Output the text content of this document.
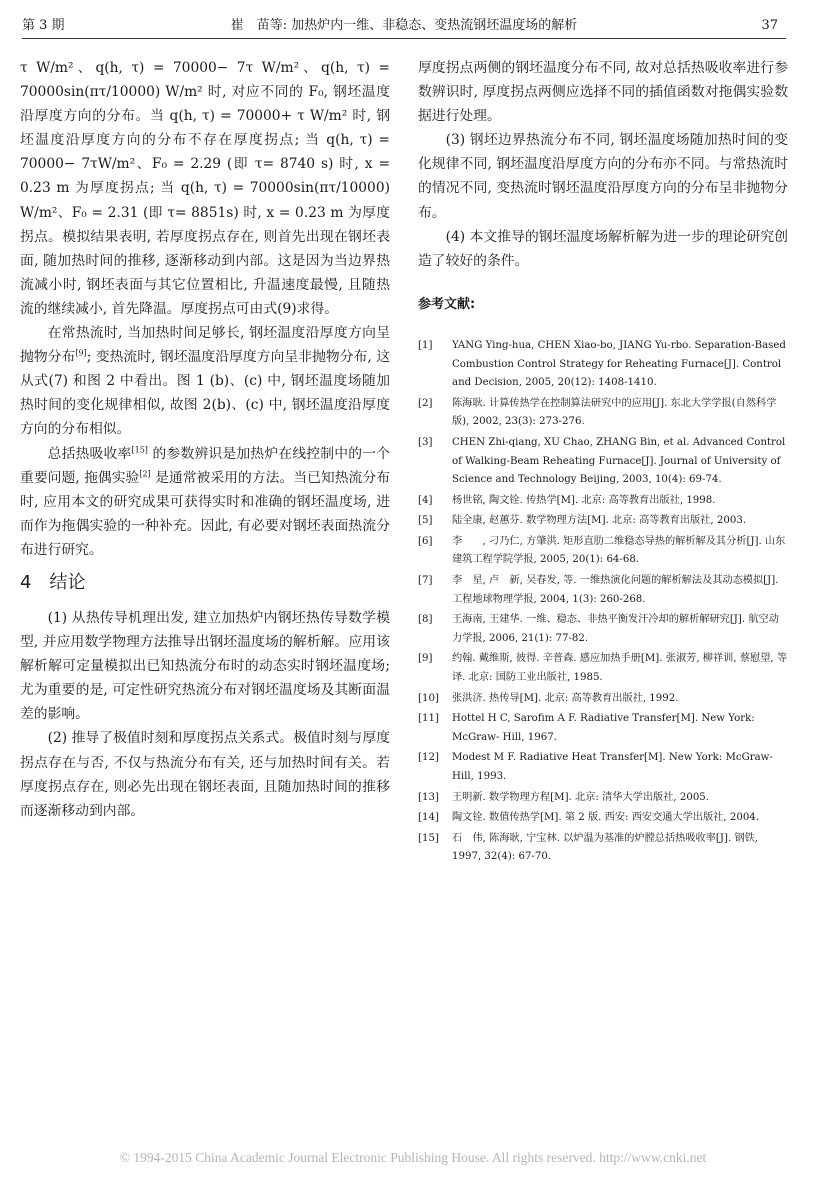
第 3 期	崔　苗等: 加热炉内一维、非稳态、变热流钢坯温度场的解析	37

τ W/m²、q(h, τ) = 70000− 7τ W/m²、q(h, τ) = 70000sin(πτ/10000) W/m² 时, 对应不同的 F₀, 钢坯温度沿厚度方向的分布。当 q(h, τ) = 70000+ τ W/m² 时, 钢坯温度沿厚度方向的分布不存在厚度拐点; 当 q(h, τ) = 70000− 7τW/m²、F₀ = 2.29 (即 τ= 8740 s) 时, x = 0.23 m 为厚度拐点; 当 q(h, τ) = 70000sin(πτ/10000) W/m²、F₀ = 2.31 (即 τ= 8851s) 时, x = 0.23 m 为厚度拐点。模拟结果表明, 若厚度拐点存在, 则首先出现在钢坯表面, 随加热时间的推移, 逐渐移动到内部。这是因为当边界热流减小时, 钢坯表面与其它位置相比, 升温速度最慢, 且随热流的继续减小, 首先降温。厚度拐点可由式(9)求得。

在常热流时, 当加热时间足够长, 钢坯温度沿厚度方向呈抛物分布[9]; 变热流时, 钢坯温度沿厚度方向呈非抛物分布, 这从式(7) 和图 2 中看出。图 1 (b)、(c) 中, 钢坯温度场随加热时间的变化规律相似, 故图 2(b)、(c) 中, 钢坯温度沿厚度方向的分布相似。

总括热吸收率[15] 的参数辨识是加热炉在线控制中的一个重要问题, 拖偶实验[2] 是通常被采用的方法。当已知热流分布时, 应用本文的研究成果可获得实时和准确的钢坯温度场, 进而作为拖偶实验的一种补充。因此, 有必要对钢坯表面热流分布进行研究。

4 结论

(1) 从热传导机理出发, 建立加热炉内钢坯热传导数学模型, 并应用数学物理方法推导出钢坯温度场的解析解。应用该解析解可定量模拟出已知热流分布时的动态实时钢坯温度场; 尤为重要的是, 可定性研究热流分布对钢坯温度场及其断面温差的影响。

(2) 推导了极值时刻和厚度拐点关系式。极值时刻与厚度拐点存在与否, 不仅与热流分布有关, 还与加热时间有关。若厚度拐点存在, 则必先出现在钢坯表面, 且随加热时间的推移而逐渐移动到内部。

厚度拐点两侧的钢坯温度分布不同, 故对总括热吸收率进行参数辨识时, 厚度拐点两侧应选择不同的插值函数对拖偶实验数据进行处理。

(3) 钢坯边界热流分布不同, 钢坯温度场随加热时间的变化规律不同, 钢坯温度沿厚度方向的分布亦不同。与常热流时的情况不同, 变热流时钢坯温度沿厚度方向的分布呈非抛物分布。

(4) 本文推导的钢坯温度场解析解为进一步的理论研究创造了较好的条件。

参考文献:
[1]	YANG Ying-hua, CHEN Xiao-bo, JIANG Yu-rbo. Separation-Based Combustion Control Strategy for Reheating Furnace[J]. Control and Decision, 2005, 20(12): 1408-1410.
[2]	陈海耿. 计算传热学在控制算法研究中的应用[J]. 东北大学学报(自然科学版), 2002, 23(3): 273-276.
[3]	CHEN Zhi-qiang, XU Chao, ZHANG Bin, et al. Advanced Control of Walking-Beam Reheating Furnace[J]. Journal of University of Science and Technology Beijing, 2003, 10(4): 69-74.
[4]	杨世铭, 陶文铨. 传热学[M]. 北京: 高等教育出版社, 1998.
[5]	陆全康, 赵蕙芬. 数学物理方法[M]. 北京: 高等教育出版社, 2003.
[6]	李　　, 刁乃仁, 方肇洪. 矩形直肋二维稳态导热的解析解及其分析[J]. 山东建筑工程学院学报, 2005, 20(1): 64-68.
[7]	李　星, 卢　新, 吴春发, 等. 一维热演化问题的解析解法及其动态模拟[J]. 工程地球物理学报, 2004, 1(3): 260-268.
[8]	王海南, 王建华. 一维、稳态、非热平衡发汗冷却的解析解研究[J]. 航空动力学报, 2006, 21(1): 77-82.
[9]	约翰. 戴维斯, 彼得. 辛普森. 感应加热手册[M]. 张淑芳, 柳祥训, 蔡慰望, 等译. 北京: 国防工业出版社, 1985.
[10]	张洪济. 热传导[M]. 北京: 高等教育出版社, 1992.
[11]	Hottel H C, Sarofim A F. Radiative Transfer[M]. New York: McGraw- Hill, 1967.
[12]	Modest M F. Radiative Heat Transfer[M]. New York: McGraw-Hill, 1993.
[13]	王明新. 数学物理方程[M]. 北京: 清华大学出版社, 2005.
[14]	陶文铨. 数值传热学[M]. 第 2 版. 西安: 西安交通大学出版社, 2004.
[15]	石　伟, 陈海耿, 宁宝林. 以炉温为基准的炉膛总括热吸收率[J]. 钢铁, 1997, 32(4): 67-70.
© 1994-2015 China Academic Journal Electronic Publishing House. All rights reserved. http://www.cnki.net
